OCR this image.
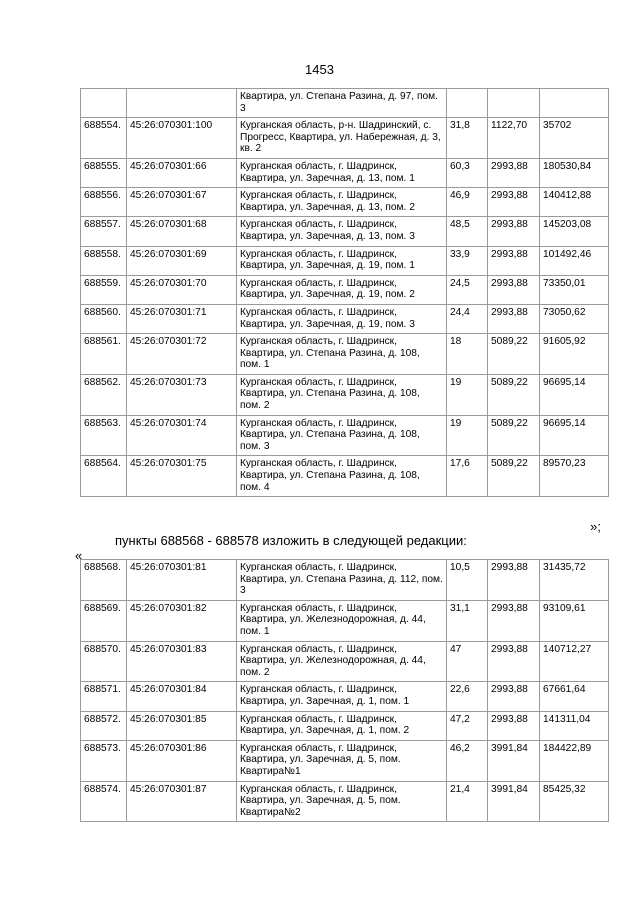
1453
		Квартира, ул. Степана Разина, д. 97, пом. 3			
688554.	45:26:070301:100	Курганская область, р-н. Шадринский, с. Прогресс, Квартира, ул. Набережная, д. 3, кв. 2	31,8	1122,70	35702
688555.	45:26:070301:66	Курганская область, г. Шадринск, Квартира, ул. Заречная, д. 13, пом. 1	60,3	2993,88	180530,84
688556.	45:26:070301:67	Курганская область, г. Шадринск, Квартира, ул. Заречная, д. 13, пом. 2	46,9	2993,88	140412,88
688557.	45:26:070301:68	Курганская область, г. Шадринск, Квартира, ул. Заречная, д. 13, пом. 3	48,5	2993,88	145203,08
688558.	45:26:070301:69	Курганская область, г. Шадринск, Квартира, ул. Заречная, д. 19, пом. 1	33,9	2993,88	101492,46
688559.	45:26:070301:70	Курганская область, г. Шадринск, Квартира, ул. Заречная, д. 19, пом. 2	24,5	2993,88	73350,01
688560.	45:26:070301:71	Курганская область, г. Шадринск, Квартира, ул. Заречная, д. 19, пом. 3	24,4	2993,88	73050,62
688561.	45:26:070301:72	Курганская область, г. Шадринск, Квартира, ул. Степана Разина, д. 108, пом. 1	18	5089,22	91605,92
688562.	45:26:070301:73	Курганская область, г. Шадринск, Квартира, ул. Степана Разина, д. 108, пом. 2	19	5089,22	96695,14
688563.	45:26:070301:74	Курганская область, г. Шадринск, Квартира, ул. Степана Разина, д. 108, пом. 3	19	5089,22	96695,14
688564.	45:26:070301:75	Курганская область, г. Шадринск, Квартира, ул. Степана Разина, д. 108, пом. 4	17,6	5089,22	89570,23
»;
пункты 688568 - 688578 изложить в следующей редакции:
«
688568.	45:26:070301:81	Курганская область, г. Шадринск, Квартира, ул. Степана Разина, д. 112, пом. 3	10,5	2993,88	31435,72
688569.	45:26:070301:82	Курганская область, г. Шадринск, Квартира, ул. Железнодорожная, д. 44, пом. 1	31,1	2993,88	93109,61
688570.	45:26:070301:83	Курганская область, г. Шадринск, Квартира, ул. Железнодорожная, д. 44, пом. 2	47	2993,88	140712,27
688571.	45:26:070301:84	Курганская область, г. Шадринск, Квартира, ул. Заречная, д. 1, пом. 1	22,6	2993,88	67661,64
688572.	45:26:070301:85	Курганская область, г. Шадринск, Квартира, ул. Заречная, д. 1, пом. 2	47,2	2993,88	141311,04
688573.	45:26:070301:86	Курганская область, г. Шадринск, Квартира, ул. Заречная, д. 5, пом. Квартира№1	46,2	3991,84	184422,89
688574.	45:26:070301:87	Курганская область, г. Шадринск, Квартира, ул. Заречная, д. 5, пом. Квартира№2	21,4	3991,84	85425,32
